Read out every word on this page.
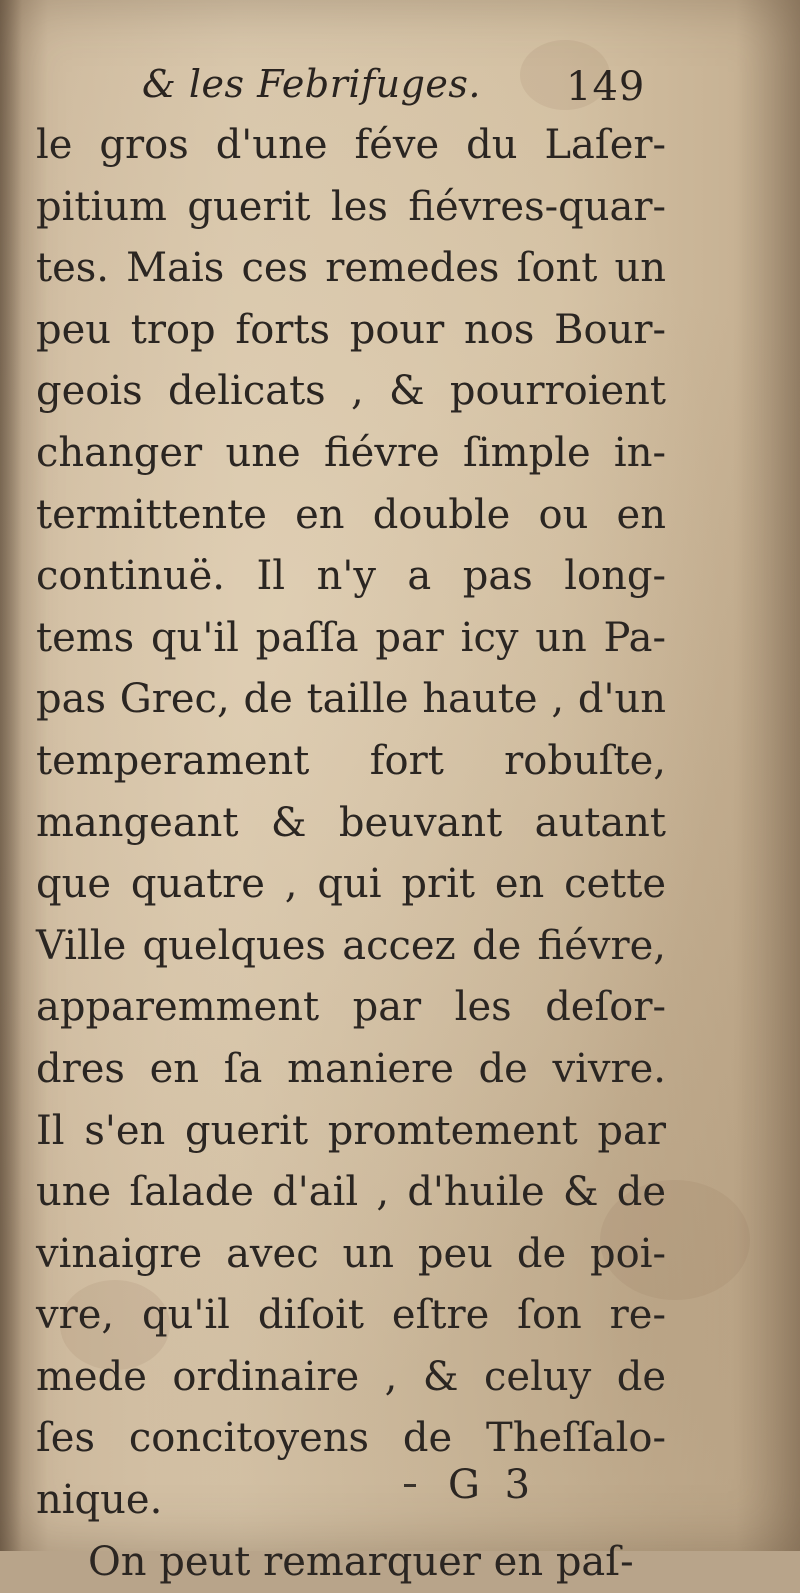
& les Febrifuges. 149
le gros d'une féve du Laſer-
pitium guerit les fiévres-quar-
tes. Mais ces remedes ſont un
peu trop forts pour nos Bour-
geois delicats , & pourroient
changer une fiévre ſimple in-
termittente en double ou en
continuë. Il n'y a pas long-
tems qu'il paſſa par icy un Pa-
pas Grec, de taille haute , d'un
temperament fort robuſte,
mangeant & beuvant autant
que quatre , qui prit en cette
Ville quelques accez de fiévre,
apparemment par les deſor-
dres en ſa maniere de vivre.
Il s'en guerit promtement par
une ſalade d'ail , d'huile & de
vinaigre avec un peu de poi-
vre, qu'il diſoit eſtre ſon re-
mede ordinaire , & celuy de
ſes concitoyens de Theſſalo-
nique.
On peut remarquer en paſ-
G 3
